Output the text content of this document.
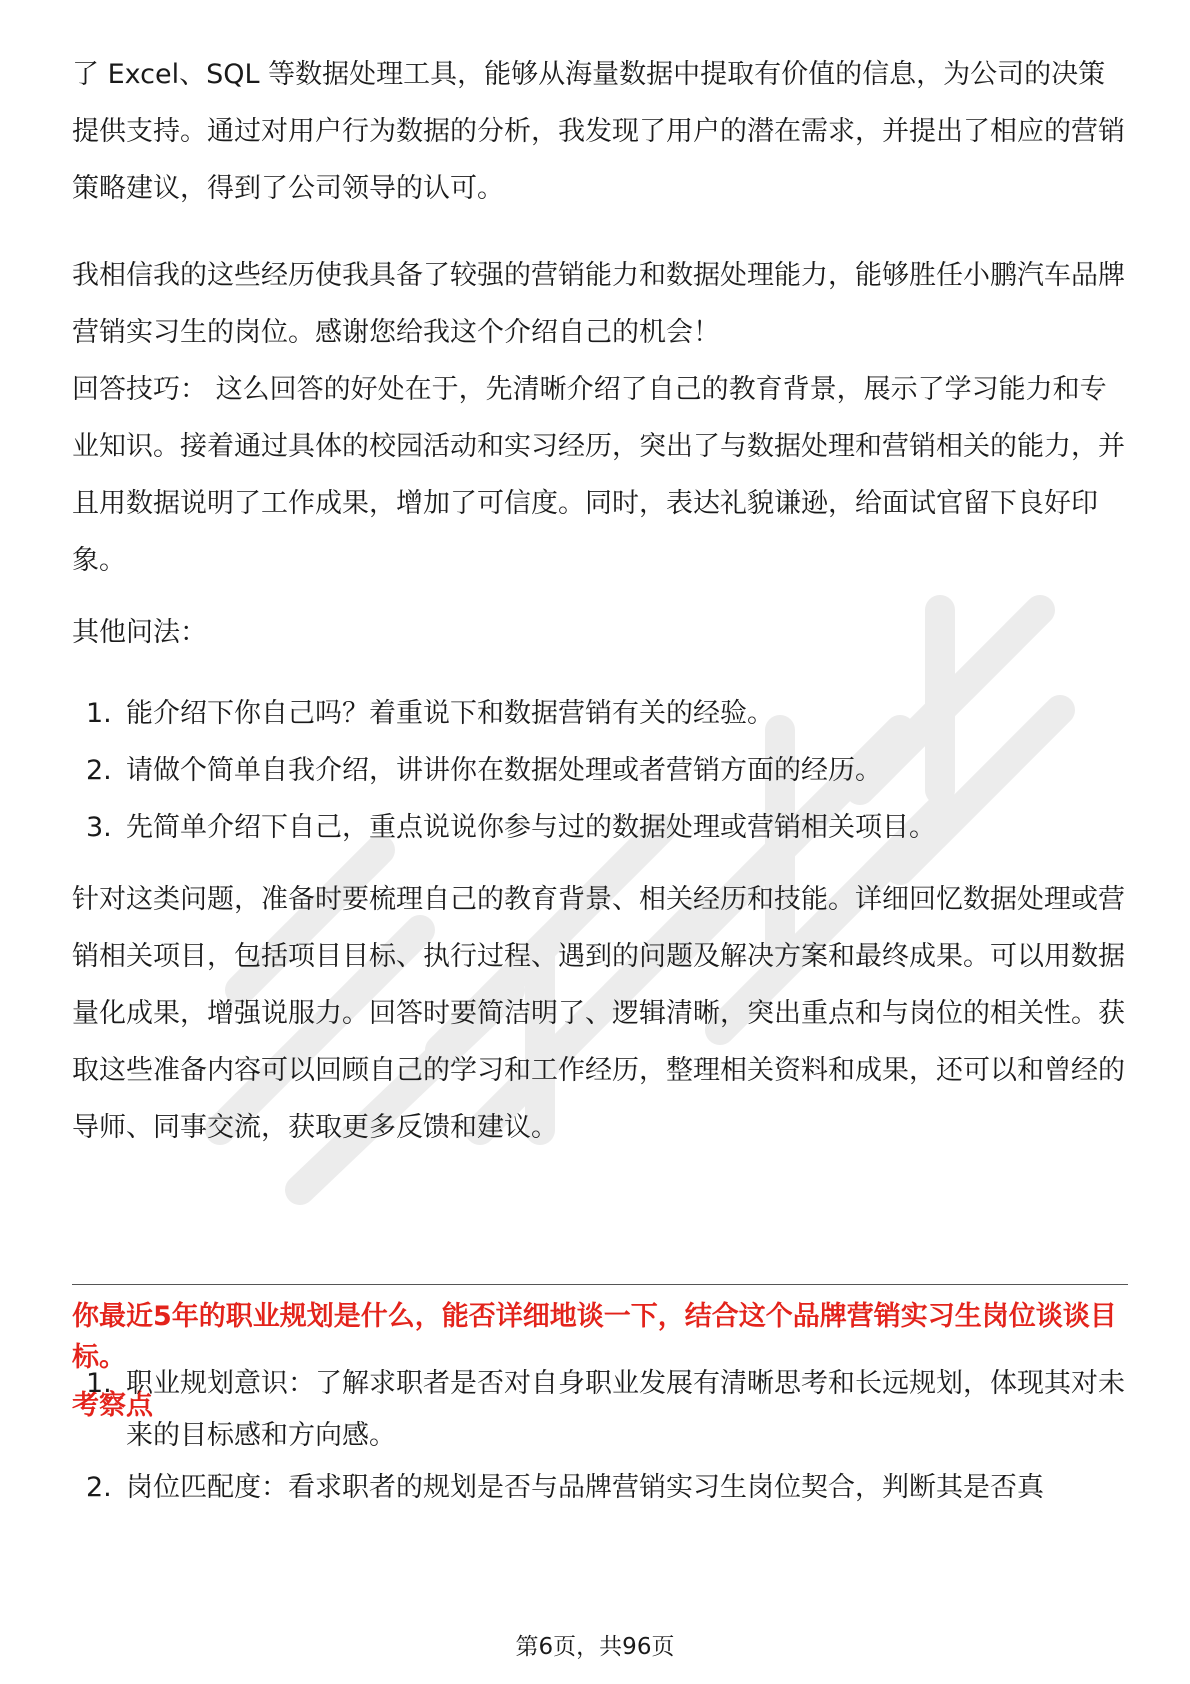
了 Excel、SQL 等数据处理工具，能够从海量数据中提取有价值的信息，为公司的决策提供支持。通过对用户行为数据的分析，我发现了用户的潜在需求，并提出了相应的营销策略建议，得到了公司领导的认可。

我相信我的这些经历使我具备了较强的营销能力和数据处理能力，能够胜任小鹏汽车品牌营销实习生的岗位。感谢您给我这个介绍自己的机会！

回答技巧： 这么回答的好处在于，先清晰介绍了自己的教育背景，展示了学习能力和专业知识。接着通过具体的校园活动和实习经历，突出了与数据处理和营销相关的能力，并且用数据说明了工作成果，增加了可信度。同时，表达礼貌谦逊，给面试官留下良好印象。

其他问法：

1. 能介绍下你自己吗？着重说下和数据营销有关的经验。
2. 请做个简单自我介绍，讲讲你在数据处理或者营销方面的经历。
3. 先简单介绍下自己，重点说说你参与过的数据处理或营销相关项目。

针对这类问题，准备时要梳理自己的教育背景、相关经历和技能。详细回忆数据处理或营销相关项目，包括项目目标、执行过程、遇到的问题及解决方案和最终成果。可以用数据量化成果，增强说服力。回答时要简洁明了、逻辑清晰，突出重点和与岗位的相关性。获取这些准备内容可以回顾自己的学习和工作经历，整理相关资料和成果，还可以和曾经的导师、同事交流，获取更多反馈和建议。

你最近5年的职业规划是什么，能否详细地谈一下，结合这个品牌营销实习生岗位谈谈目标。
考察点
1. 职业规划意识：了解求职者是否对自身职业发展有清晰思考和长远规划，体现其对未来的目标感和方向感。
2. 岗位匹配度：看求职者的规划是否与品牌营销实习生岗位契合，判断其是否真
第6页，共96页
